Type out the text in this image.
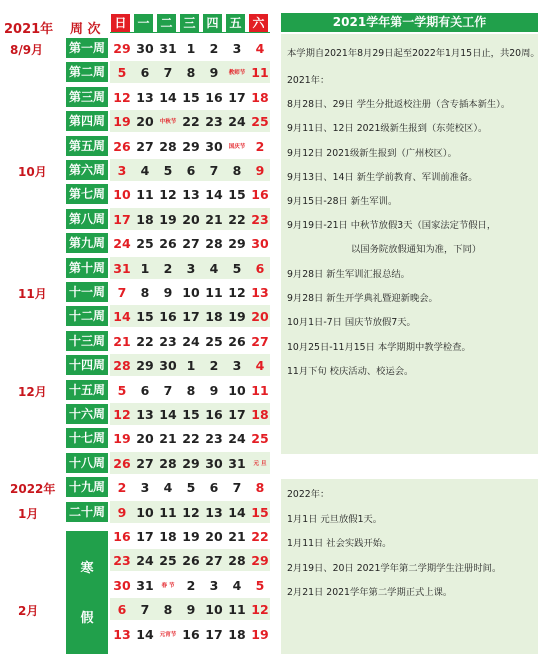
2021年 周 次 日 一 二 三 四 五 六
第一周 29 30 31 1	2	3	4
第二周	5	6	7	8	9	教师节 11
第三周 12 13 14 15 16 17 18
第四周 19 20	中秋节 22 23 24 25
第五周 26 27 28 29 30	国庆节 2
第六周	3	4	5	6	7	8	9
第七周 10 11 12 13 14 15 16
第八周 17 18 19 20 21 22 23
第九周 24 25 26 27 28 29 30
第十周 31 1	2	3	4	5	6
十一周	7	8	9 10 11 12 13
十二周 14 15 16 17 18 19 20
十三周 21 22 23 24 25 26 27
十四周 28 29 30 1	2	3	4
十五周	5	6	7	8	9 10 11
十六周 12 13 14 15 16 17 18
十七周 19 20 21 22 23 24 25
十八周 26 27 28 29 30 31	元 旦
十九周	2	3	4	5	6	7	8
二十周	9 10 11 12 13 14 15
16 17 18 19 20 21 22
23 24 25 26 27 28 29
30 31	春 节 2	3	4	5
6	7	8	9 10 11 12
13 14	元宵节 16 17 18 19
8/9月
10月
11月
12月
2022年
1月
2月
寒
假
2021学年第一学期有关工作
本学期自2021年8月29日起至2022年1月15日止，共20周。
2021年：
8月28日、29日 学生分批返校注册（含专插本新生）。
9月11日、12日 2021级新生报到（东莞校区）。
9月12日 2021级新生报到（广州校区）。
9月13日、14日 新生学前教育、军训前准备。
9月15日-28日 新生军训。
9月19日-21日 中秋节放假3天（国家法定节假日，
以国务院放假通知为准，下同）
9月28日 新生军训汇报总结。
9月28日 新生开学典礼暨迎新晚会。
10月1日-7日 国庆节放假7天。
10月25日-11月15日 本学期期中教学检查。
11月下旬 校庆活动、校运会。
2022年：
1月1日 元旦放假1天。
1月11日 社会实践开始。
2月19日、20日 2021学年第二学期学生注册时间。
2月21日 2021学年第二学期正式上课。
